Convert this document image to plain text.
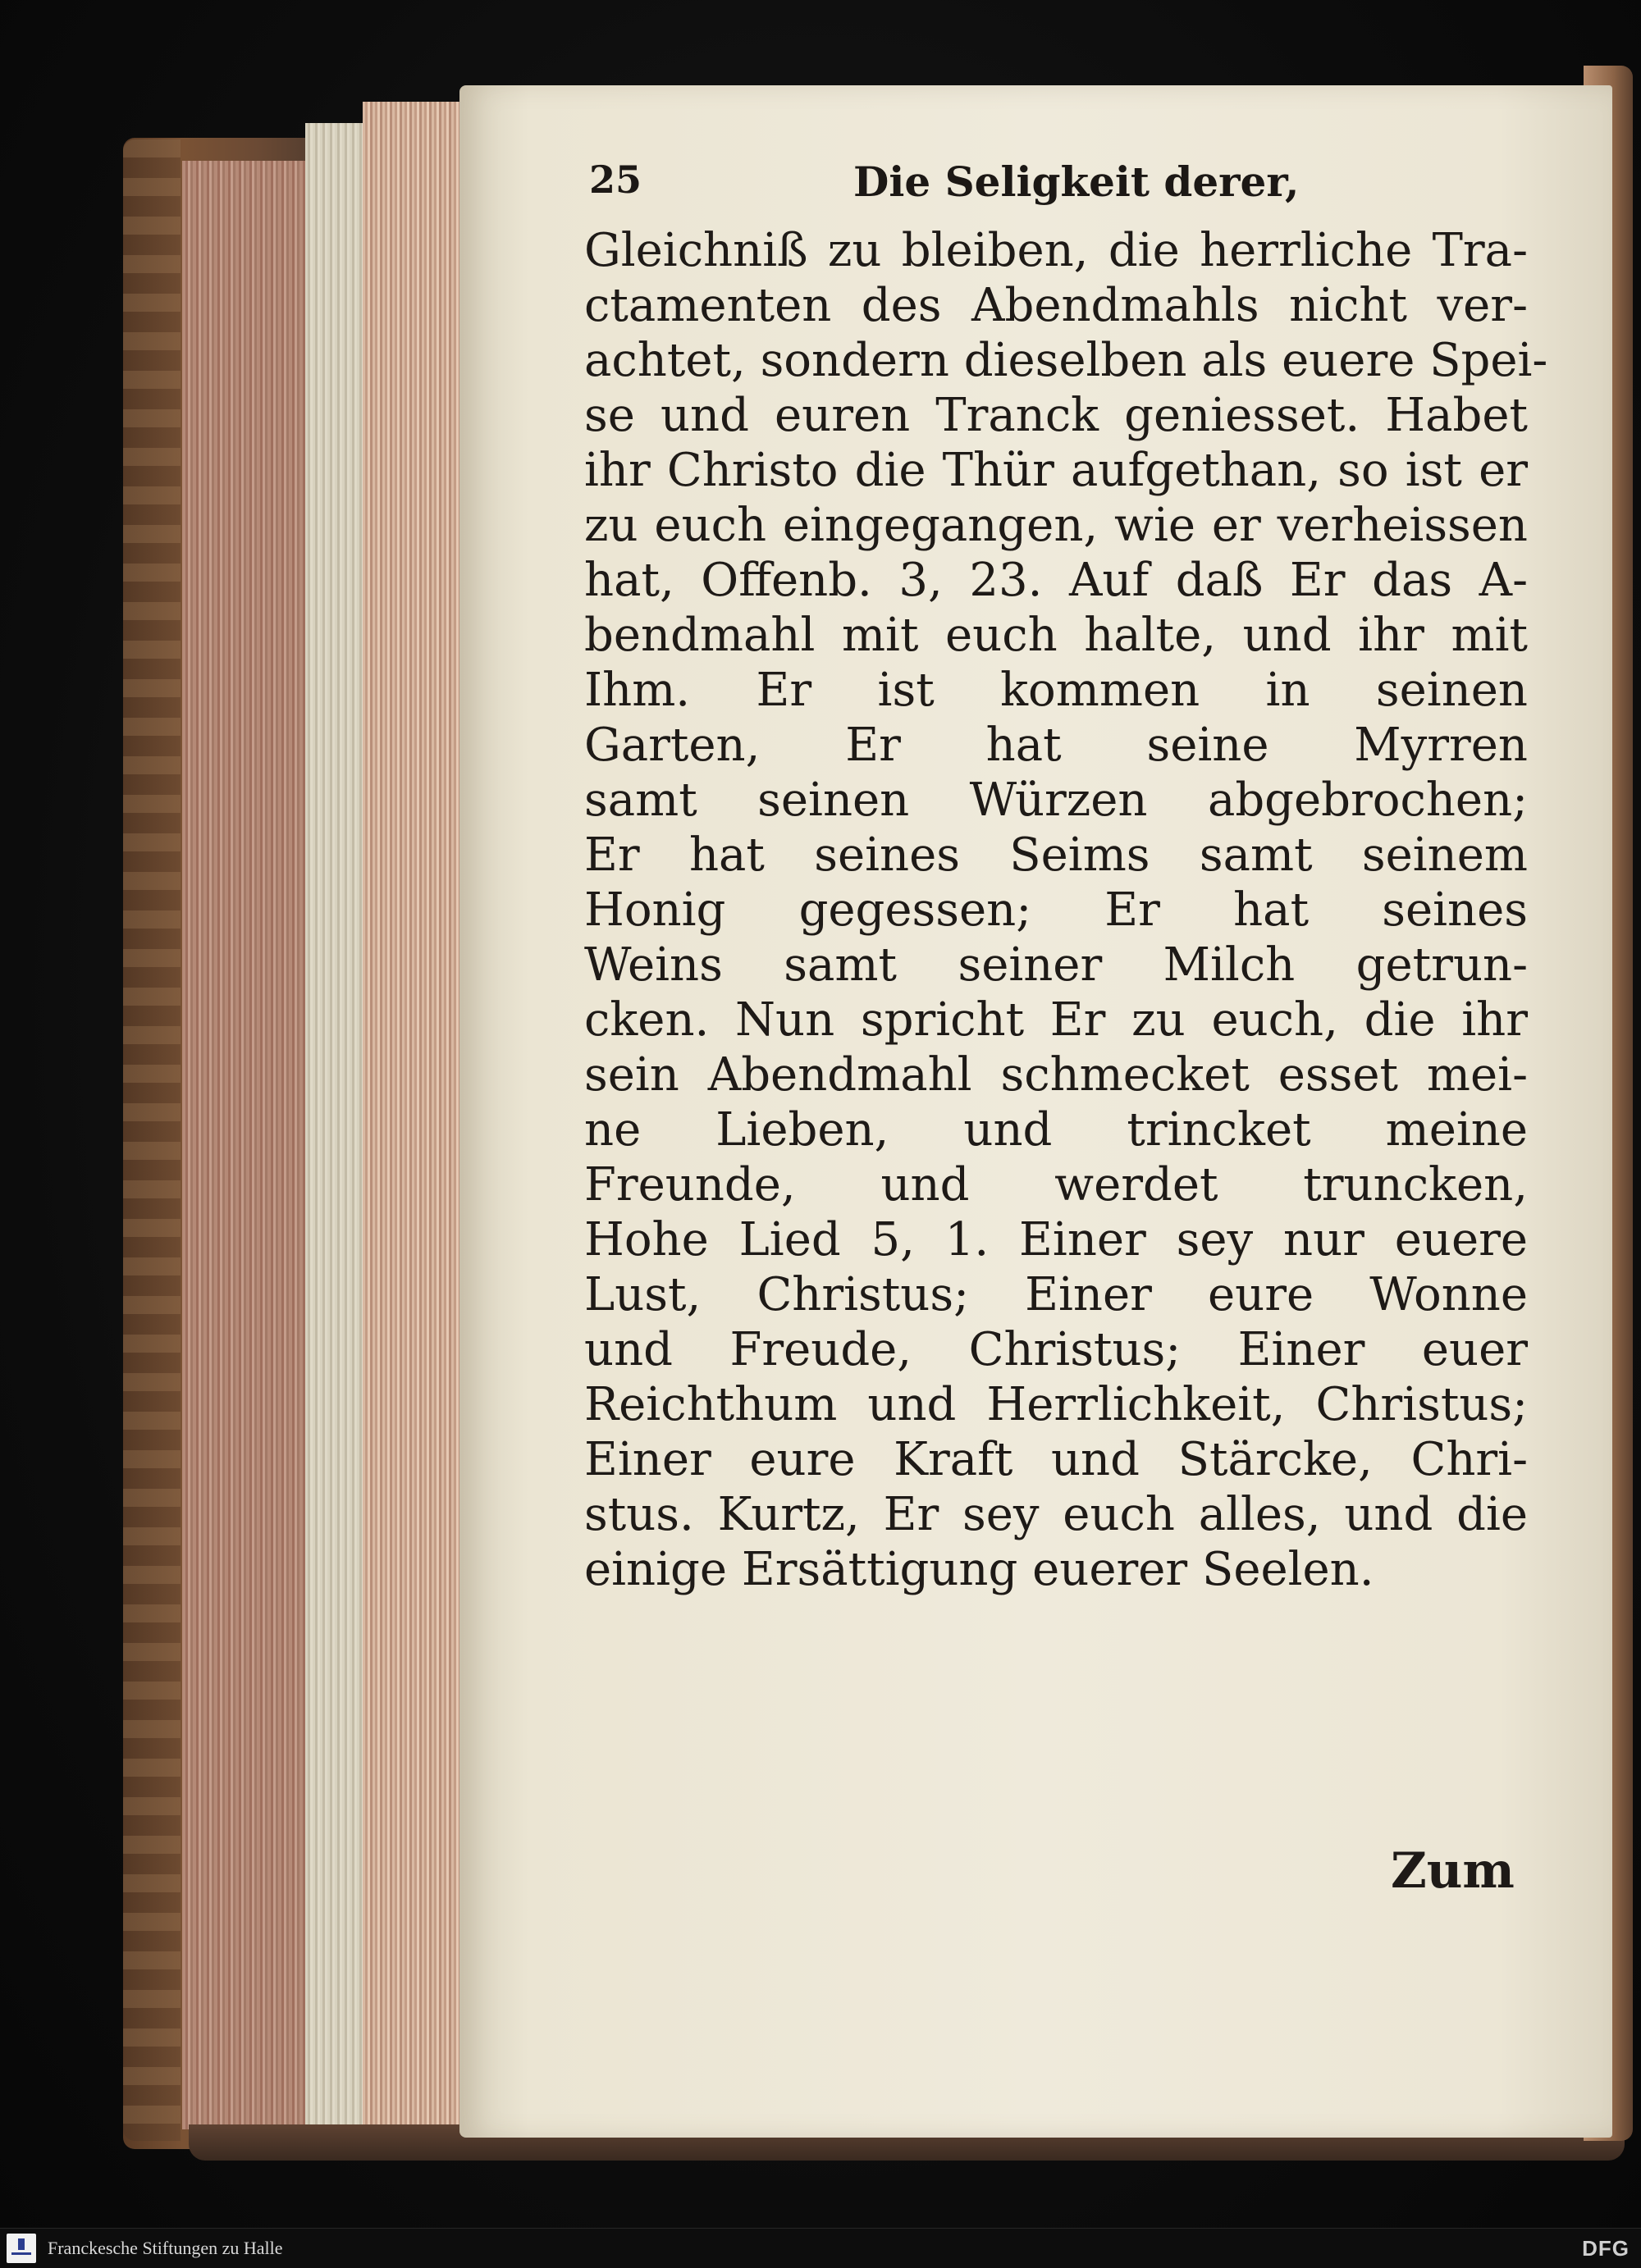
25	Die Seligkeit derer,
Gleichniß zu bleiben, die herrliche Tra-
ctamenten des Abendmahls nicht ver-
achtet, sondern dieselben als euere Spei-
se und euren Tranck geniesset. Habet
ihr Christo die Thür aufgethan, so ist er
zu euch eingegangen, wie er verheissen
hat, Offenb. 3, 23. Auf daß Er das A-
bendmahl mit euch halte, und ihr mit
Ihm. Er ist kommen in seinen
Garten, Er hat seine Myrren
samt seinen Würzen abgebrochen;
Er hat seines Seims samt seinem
Honig gegessen; Er hat seines
Weins samt seiner Milch getrun-
cken. Nun spricht Er zu euch, die ihr
sein Abendmahl schmecket esset mei-
ne Lieben, und trincket meine
Freunde, und werdet truncken,
Hohe Lied 5, 1. Einer sey nur euere
Lust, Christus; Einer eure Wonne
und Freude, Christus; Einer euer
Reichthum und Herrlichkeit, Christus;
Einer eure Kraft und Stärcke, Chri-
stus. Kurtz, Er sey euch alles, und die
einige Ersättigung euerer Seelen.
Zum
Franckesche Stiftungen zu Halle	DFG
